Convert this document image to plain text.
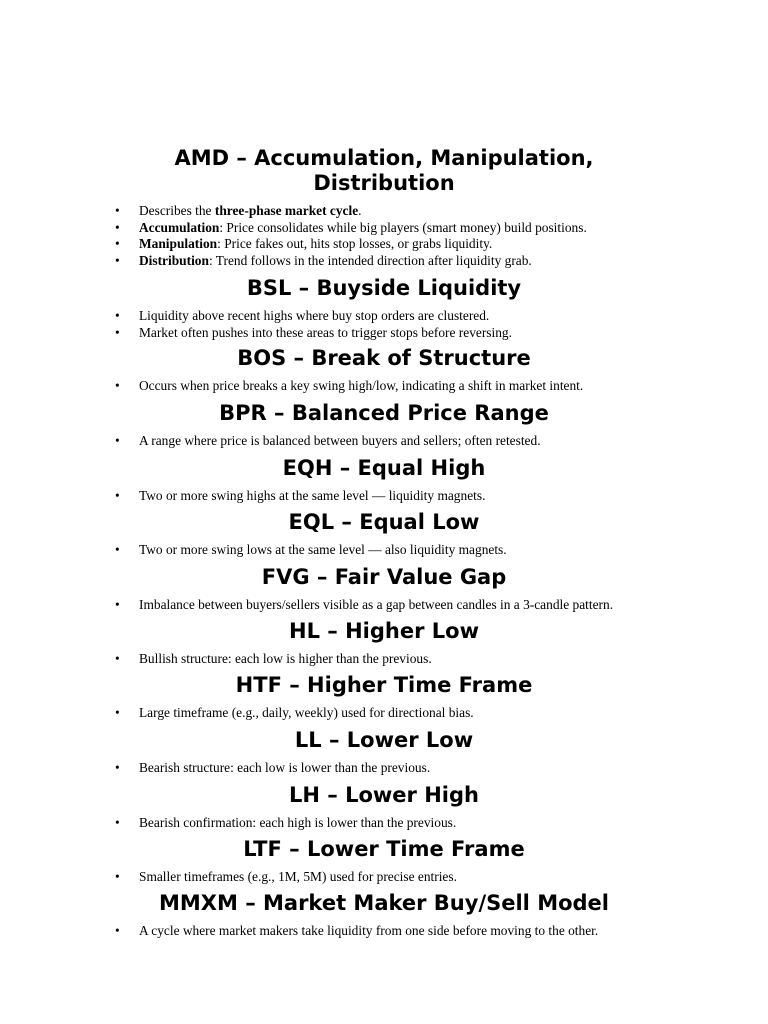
AMD – Accumulation, Manipulation, Distribution
• Describes the three-phase market cycle.
• Accumulation: Price consolidates while big players (smart money) build positions.
• Manipulation: Price fakes out, hits stop losses, or grabs liquidity.
• Distribution: Trend follows in the intended direction after liquidity grab.
BSL – Buyside Liquidity
• Liquidity above recent highs where buy stop orders are clustered.
• Market often pushes into these areas to trigger stops before reversing.
BOS – Break of Structure
• Occurs when price breaks a key swing high/low, indicating a shift in market intent.
BPR – Balanced Price Range
• A range where price is balanced between buyers and sellers; often retested.
EQH – Equal High
• Two or more swing highs at the same level — liquidity magnets.
EQL – Equal Low
• Two or more swing lows at the same level — also liquidity magnets.
FVG – Fair Value Gap
• Imbalance between buyers/sellers visible as a gap between candles in a 3-candle pattern.
HL – Higher Low
• Bullish structure: each low is higher than the previous.
HTF – Higher Time Frame
• Large timeframe (e.g., daily, weekly) used for directional bias.
LL – Lower Low
• Bearish structure: each low is lower than the previous.
LH – Lower High
• Bearish confirmation: each high is lower than the previous.
LTF – Lower Time Frame
• Smaller timeframes (e.g., 1M, 5M) used for precise entries.
MMXM – Market Maker Buy/Sell Model
• A cycle where market makers take liquidity from one side before moving to the other.
